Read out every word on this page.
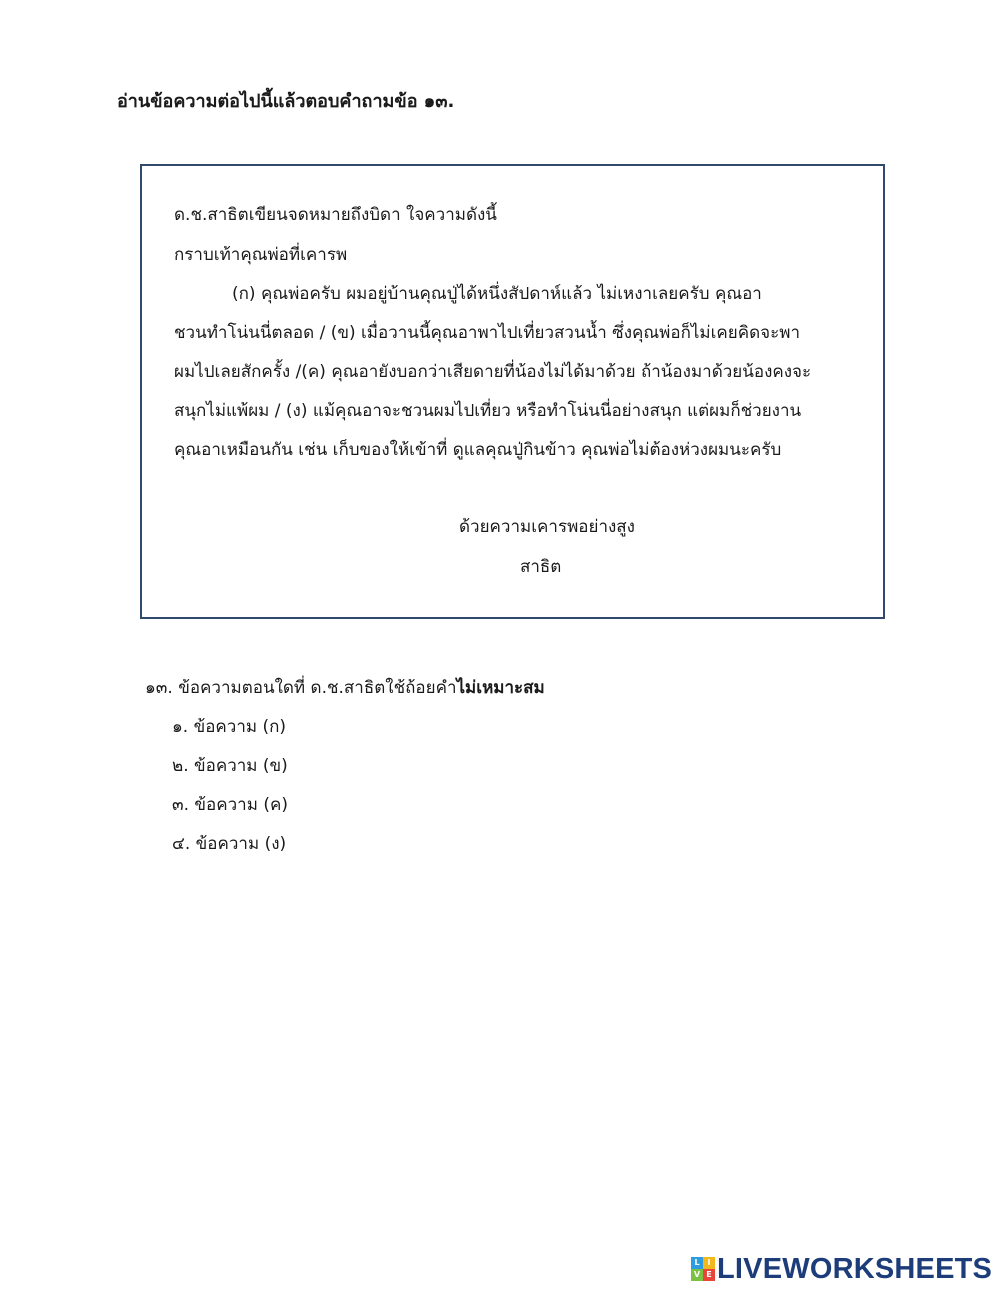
อ่านข้อความต่อไปนี้แล้วตอบคำถามข้อ ๑๓.
ด.ช.สาธิตเขียนจดหมายถึงบิดา ใจความดังนี้
กราบเท้าคุณพ่อที่เคารพ
(ก) คุณพ่อครับ ผมอยู่บ้านคุณปู่ได้หนึ่งสัปดาห์แล้ว ไม่เหงาเลยครับ คุณอา
ชวนทำโน่นนี่ตลอด / (ข) เมื่อวานนี้คุณอาพาไปเที่ยวสวนน้ำ ซึ่งคุณพ่อก็ไม่เคยคิดจะพา
ผมไปเลยสักครั้ง /(ค) คุณอายังบอกว่าเสียดายที่น้องไม่ได้มาด้วย ถ้าน้องมาด้วยน้องคงจะ
สนุกไม่แพ้ผม / (ง) แม้คุณอาจะชวนผมไปเที่ยว หรือทำโน่นนี่อย่างสนุก แต่ผมก็ช่วยงาน
คุณอาเหมือนกัน เช่น เก็บของให้เข้าที่ ดูแลคุณปู่กินข้าว คุณพ่อไม่ต้องห่วงผมนะครับ
ด้วยความเคารพอย่างสูง
สาธิต
๑๓. ข้อความตอนใดที่ ด.ช.สาธิตใช้ถ้อยคำไม่เหมาะสม
๑. ข้อความ (ก)
๒. ข้อความ (ข)
๓. ข้อความ (ค)
๔. ข้อความ (ง)
L I
V E LIVEWORKSHEETS
